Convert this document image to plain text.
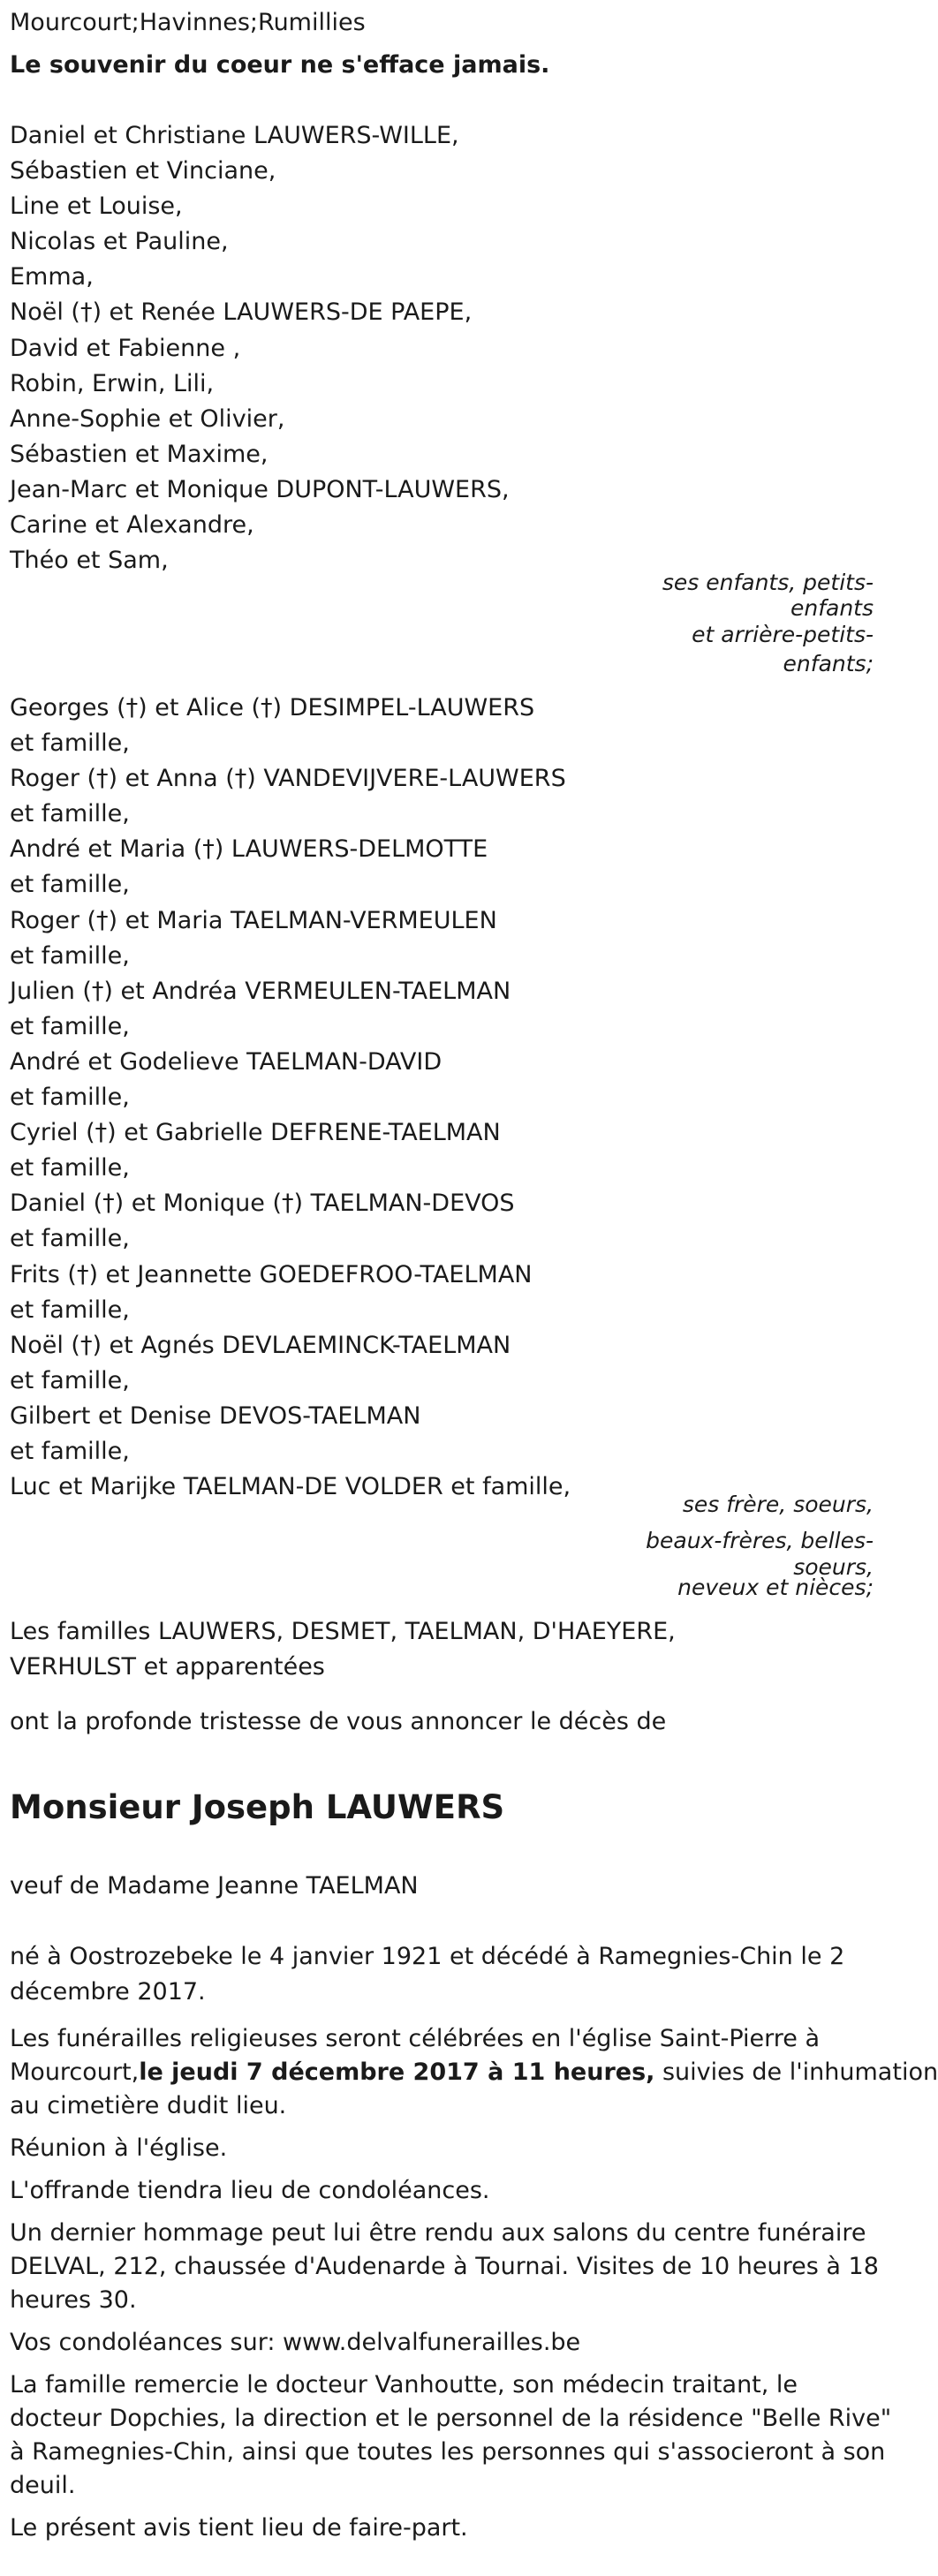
Mourcourt;Havinnes;Rumillies
Le souvenir du coeur ne s'efface jamais.
Daniel et Christiane LAUWERS-WILLE,
Sébastien et Vinciane,
Line et Louise,
Nicolas et Pauline,
Emma,
Noël (†) et Renée LAUWERS-DE PAEPE,
David et Fabienne ,
Robin, Erwin, Lili,
Anne-Sophie et Olivier,
Sébastien et Maxime,
Jean-Marc et Monique DUPONT-LAUWERS,
Carine et Alexandre,
Théo et Sam,
ses enfants, petits-
enfants
et arrière-petits-
enfants;
Georges (†) et Alice (†) DESIMPEL-LAUWERS
et famille,
Roger (†) et Anna (†) VANDEVIJVERE-LAUWERS
et famille,
André et Maria (†) LAUWERS-DELMOTTE
et famille,
Roger (†) et Maria TAELMAN-VERMEULEN
et famille,
Julien (†) et Andréa VERMEULEN-TAELMAN
et famille,
André et Godelieve TAELMAN-DAVID
et famille,
Cyriel (†) et Gabrielle DEFRENE-TAELMAN
et famille,
Daniel (†) et Monique (†) TAELMAN-DEVOS
et famille,
Frits (†) et Jeannette GOEDEFROO-TAELMAN
et famille,
Noël (†) et Agnés DEVLAEMINCK-TAELMAN
et famille,
Gilbert et Denise DEVOS-TAELMAN
et famille,
Luc et Marijke TAELMAN-DE VOLDER et famille,
ses frère, soeurs,
beaux-frères, belles-
soeurs,
neveux et nièces;
Les familles LAUWERS, DESMET, TAELMAN, D'HAEYERE,
VERHULST et apparentées
ont la profonde tristesse de vous annoncer le décès de
Monsieur Joseph LAUWERS
veuf de Madame Jeanne TAELMAN
né à Oostrozebeke le 4 janvier 1921 et décédé à Ramegnies-Chin le 2
décembre 2017.
Les funérailles religieuses seront célébrées en l'église Saint-Pierre à
Mourcourt,le jeudi 7 décembre 2017 à 11 heures, suivies de l'inhumation
au cimetière dudit lieu.
Réunion à l'église.
L'offrande tiendra lieu de condoléances.
Un dernier hommage peut lui être rendu aux salons du centre funéraire
DELVAL, 212, chaussée d'Audenarde à Tournai. Visites de 10 heures à 18
heures 30.
Vos condoléances sur: www.delvalfunerailles.be
La famille remercie le docteur Vanhoutte, son médecin traitant, le
docteur Dopchies, la direction et le personnel de la résidence "Belle Rive"
à Ramegnies-Chin, ainsi que toutes les personnes qui s'associeront à son
deuil.
Le présent avis tient lieu de faire-part.
